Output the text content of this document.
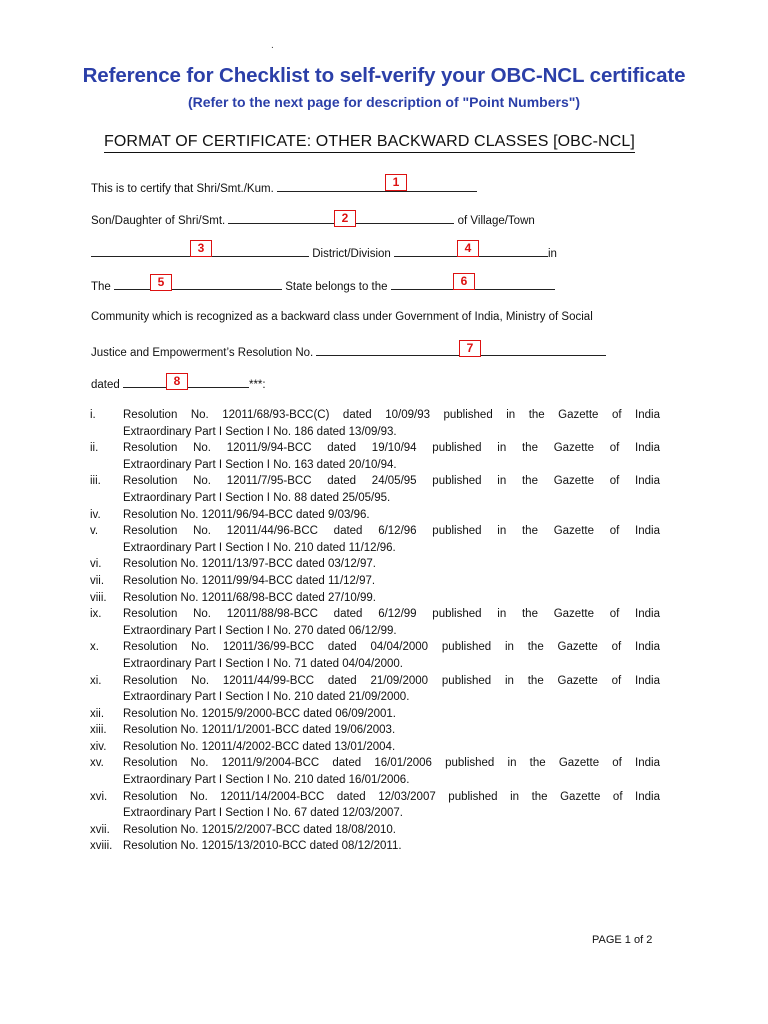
.
Reference for Checklist to self-verify your OBC-NCL certificate
(Refer to the next page for description of "Point Numbers")
FORMAT OF CERTIFICATE: OTHER BACKWARD CLASSES [OBC-NCL]
This is to certify that Shri/Smt./Kum.
Son/Daughter of Shri/Smt.	of Village/Town
District/Division	in
The	State belongs to the
Community which is recognized as a backward class under Government of India, Ministry of Social
Justice and Empowerment’s Resolution No.
dated	***:
1
2
3	4
5	6
7
8
i.	Resolution No. 12011/68/93-BCC(C) dated 10/09/93 published in the Gazette of India
Extraordinary Part I Section I No. 186 dated 13/09/93.
ii.	Resolution No. 12011/9/94-BCC dated 19/10/94 published in the Gazette of India
Extraordinary Part I Section I No. 163 dated 20/10/94.
iii.	Resolution No. 12011/7/95-BCC dated 24/05/95 published in the Gazette of India
Extraordinary Part I Section I No. 88 dated 25/05/95.
iv.	Resolution No. 12011/96/94-BCC dated 9/03/96.
v.	Resolution No. 12011/44/96-BCC dated 6/12/96 published in the Gazette of India
Extraordinary Part I Section I No. 210 dated 11/12/96.
vi.	Resolution No. 12011/13/97-BCC dated 03/12/97.
vii.	Resolution No. 12011/99/94-BCC dated 11/12/97.
viii.	Resolution No. 12011/68/98-BCC dated 27/10/99.
ix.	Resolution No. 12011/88/98-BCC dated 6/12/99 published in the Gazette of India
Extraordinary Part I Section I No. 270 dated 06/12/99.
x.	Resolution No. 12011/36/99-BCC dated 04/04/2000 published in the Gazette of India
Extraordinary Part I Section I No. 71 dated 04/04/2000.
xi.	Resolution No. 12011/44/99-BCC dated 21/09/2000 published in the Gazette of India
Extraordinary Part I Section I No. 210 dated 21/09/2000.
xii.	Resolution No. 12015/9/2000-BCC dated 06/09/2001.
xiii.	Resolution No. 12011/1/2001-BCC dated 19/06/2003.
xiv.	Resolution No. 12011/4/2002-BCC dated 13/01/2004.
xv.	Resolution No. 12011/9/2004-BCC dated 16/01/2006 published in the Gazette of India
Extraordinary Part I Section I No. 210 dated 16/01/2006.
xvi.	Resolution No. 12011/14/2004-BCC dated 12/03/2007 published in the Gazette of India
Extraordinary Part I Section I No. 67 dated 12/03/2007.
xvii.	Resolution No. 12015/2/2007-BCC dated 18/08/2010.
xviii. Resolution No. 12015/13/2010-BCC dated 08/12/2011.
PAGE 1 of 2
